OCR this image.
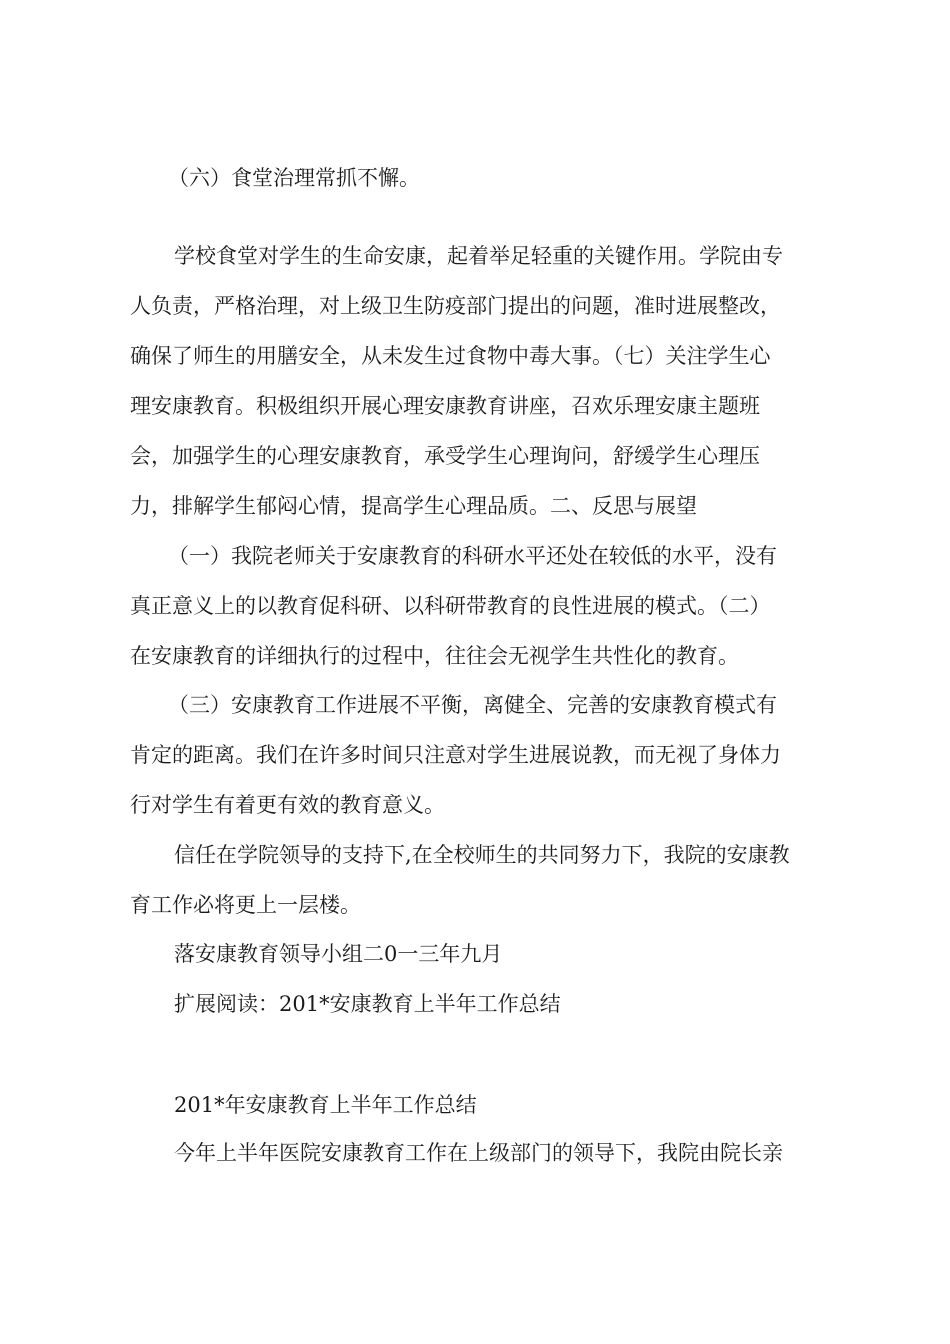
（六）食堂治理常抓不懈。
学校食堂对学生的生命安康，起着举足轻重的关键作用。学院由专
人负责，严格治理，对上级卫生防疫部门提出的问题，准时进展整改，
确保了师生的用膳安全，从未发生过食物中毒大事。（七）关注学生心
理安康教育。积极组织开展心理安康教育讲座，召欢乐理安康主题班
会，加强学生的心理安康教育，承受学生心理询问，舒缓学生心理压
力，排解学生郁闷心情，提高学生心理品质。二、反思与展望
（一）我院老师关于安康教育的科研水平还处在较低的水平，没有
真正意义上的以教育促科研、以科研带教育的良性进展的模式。（二）
在安康教育的详细执行的过程中，往往会无视学生共性化的教育。
（三）安康教育工作进展不平衡，离健全、完善的安康教育模式有
肯定的距离。我们在许多时间只注意对学生进展说教，而无视了身体力
行对学生有着更有效的教育意义。
信任在学院领导的支持下,在全校师生的共同努力下，我院的安康教
育工作必将更上一层楼。
落安康教育领导小组二0一三年九月
扩展阅读：201*安康教育上半年工作总结
201*年安康教育上半年工作总结
今年上半年医院安康教育工作在上级部门的领导下，我院由院长亲
